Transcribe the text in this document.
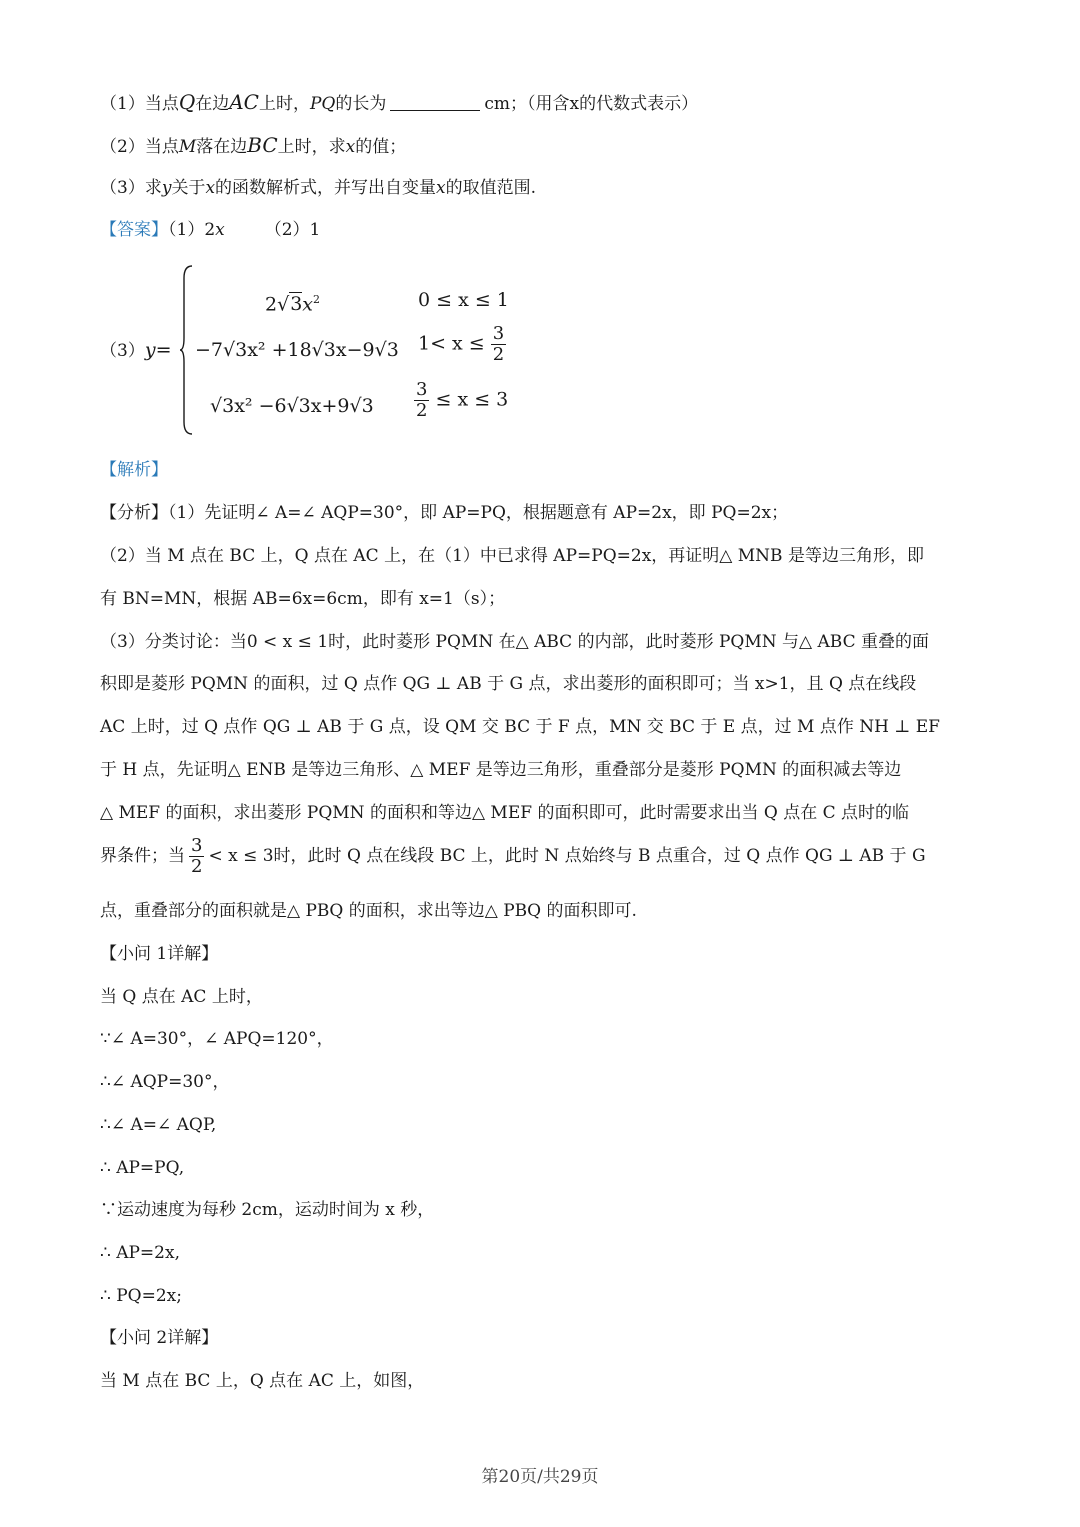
（1）当点Q在边AC上时，PQ的长为	cm；（用含x的代数式表示）
（2）当点M落在边BC上时，求x的值；
（3）求y关于x的函数解析式，并写出自变量x的取值范围.
【答案】（1）2x （2）1
（3）y=
$2√3x^2$	0 ≤ x ≤ 1
−7√3x² +18√3x−9√3 $1< x \le \frac{3}{2}$
$√3x^2 -6√3x+9√3 \frac{3}{2} \le x \le 3$
【解析】
【分析】（1）先证明∠ A=∠ AQP=30°，即 AP=PQ，根据题意有 AP=2x，即 PQ=2x；
（2）当 M 点在 BC 上，Q 点在 AC 上，在（1）中已求得 AP=PQ=2x，再证明△ MNB 是等边三角形，即
有 BN=MN，根据 AB=6x=6cm，即有 x=1（s）；
（3）分类讨论：当0 < x ≤ 1时，此时菱形 PQMN 在△ ABC 的内部，此时菱形 PQMN 与△ ABC 重叠的面
积即是菱形 PQMN 的面积，过 Q 点作 QG ⊥ AB 于 G 点，求出菱形的面积即可；当 x>1，且 Q 点在线段
AC 上时，过 Q 点作 QG ⊥ AB 于 G 点，设 QM 交 BC 于 F 点，MN 交 BC 于 E 点，过 M 点作 NH ⊥ EF
于 H 点，先证明△ ENB 是等边三角形、△ MEF 是等边三角形，重叠部分是菱形 PQMN 的面积减去等边
△ MEF 的面积，求出菱形 PQMN 的面积和等边△ MEF 的面积即可，此时需要求出当 Q 点在 C 点时的临
界条件；当 $\frac{3}{2} < x \le 3$时，此时 Q 点在线段 BC 上，此时 N 点始终与 B 点重合，过 Q 点作 QG ⊥ AB 于 G
点，重叠部分的面积就是△ PBQ 的面积，求出等边△ PBQ 的面积即可.
【小问 1详解】
当 Q 点在 AC 上时，
∵∠ A=30°，∠ APQ=120°，
∴∠ AQP=30°，
∴∠ A=∠ AQP,
∴ AP=PQ,
∵运动速度为每秒 2cm，运动时间为 x 秒，
∴ AP=2x,
∴ PQ=2x;
【小问 2详解】
当 M 点在 BC 上，Q 点在 AC 上，如图，
第20页/共29页
